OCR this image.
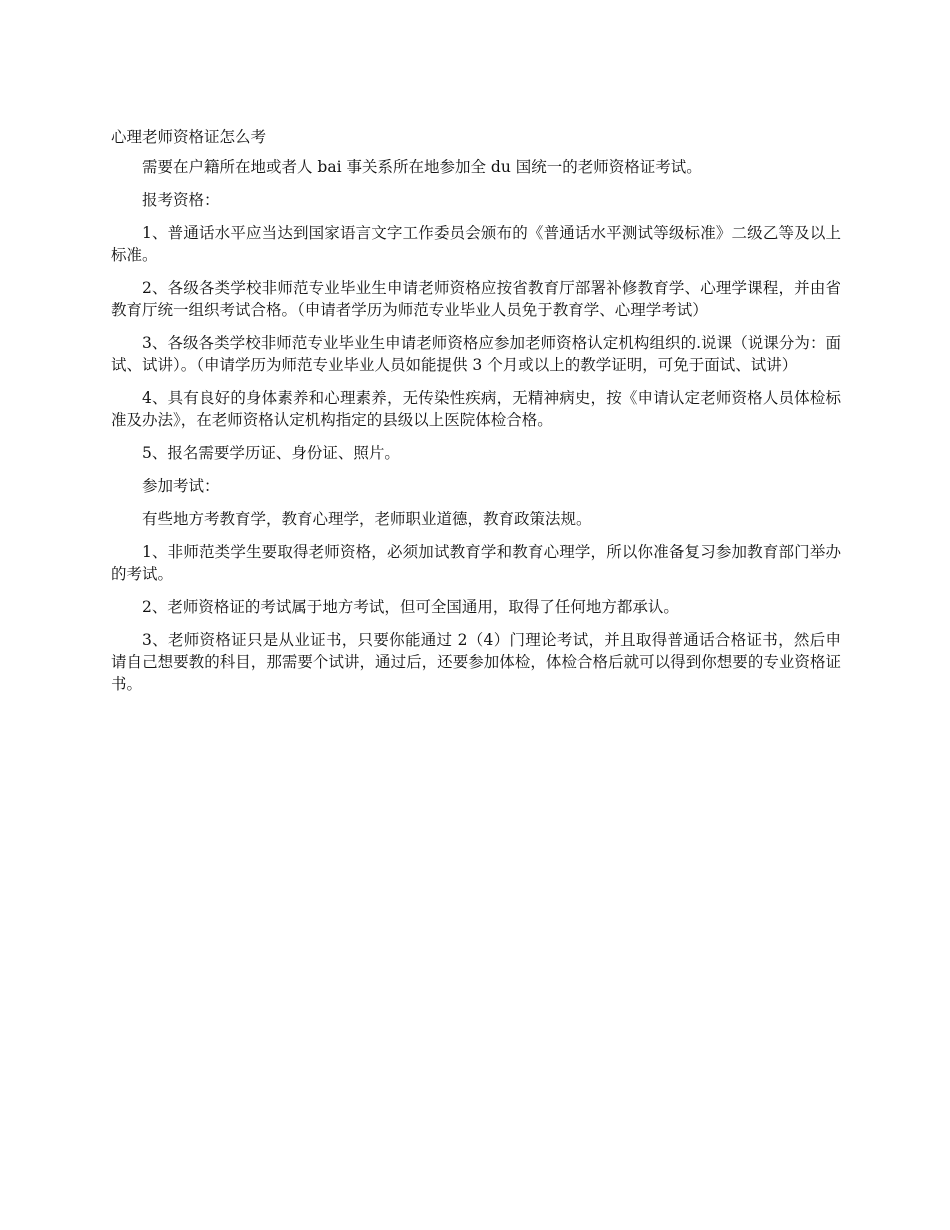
心理老师资格证怎么考

需要在户籍所在地或者人 bai 事关系所在地参加全 du 国统一的老师资格证考试。

报考资格：

1、普通话水平应当达到国家语言文字工作委员会颁布的《普通话水平测试等级标准》二级乙等及以上标准。

2、各级各类学校非师范专业毕业生申请老师资格应按省教育厅部署补修教育学、心理学课程，并由省教育厅统一组织考试合格。（申请者学历为师范专业毕业人员免于教育学、心理学考试）

3、各级各类学校非师范专业毕业生申请老师资格应参加老师资格认定机构组织的.说课（说课分为：面试、试讲）。（申请学历为师范专业毕业人员如能提供 3 个月或以上的教学证明，可免于面试、试讲）

4、具有良好的身体素养和心理素养，无传染性疾病，无精神病史，按《申请认定老师资格人员体检标准及办法》，在老师资格认定机构指定的县级以上医院体检合格。

5、报名需要学历证、身份证、照片。

参加考试：

有些地方考教育学，教育心理学，老师职业道德，教育政策法规。

1、非师范类学生要取得老师资格，必须加试教育学和教育心理学，所以你准备复习参加教育部门举办的考试。

2、老师资格证的考试属于地方考试，但可全国通用，取得了任何地方都承认。

3、老师资格证只是从业证书，只要你能通过 2（4）门理论考试，并且取得普通话合格证书，然后申请自己想要教的科目，那需要个试讲，通过后，还要参加体检，体检合格后就可以得到你想要的专业资格证书。
